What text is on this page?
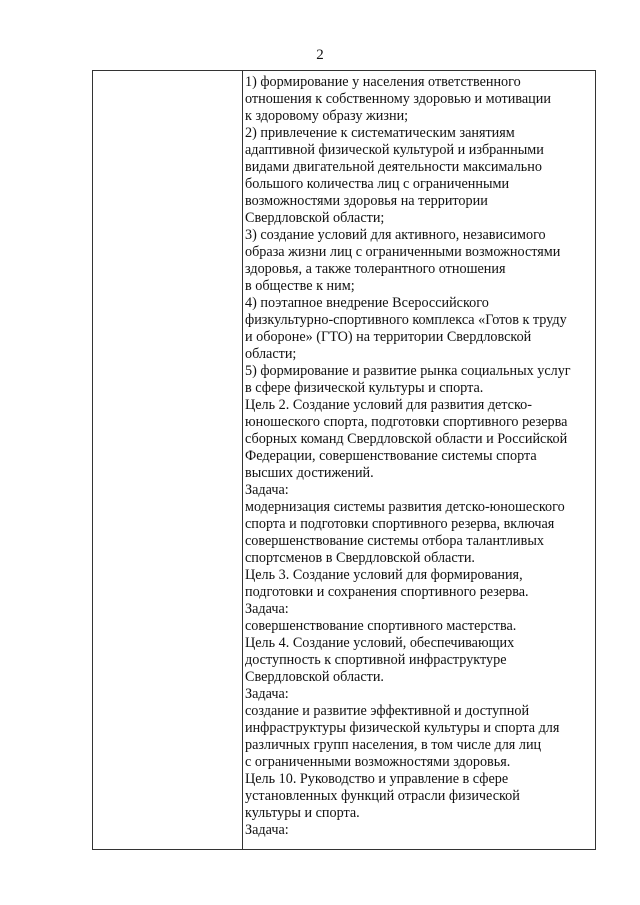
2
1) формирование у населения ответственного
отношения к собственному здоровью и мотивации
к здоровому образу жизни;
2) привлечение к систематическим занятиям
адаптивной физической культурой и избранными
видами двигательной деятельности максимально
большого количества лиц с ограниченными
возможностями здоровья на территории
Свердловской области;
3) создание условий для активного, независимого
образа жизни лиц с ограниченными возможностями
здоровья, а также толерантного отношения
в обществе к ним;
4) поэтапное внедрение Всероссийского
физкультурно-спортивного комплекса «Готов к труду
и обороне» (ГТО) на территории Свердловской
области;
5) формирование и развитие рынка социальных услуг
в сфере физической культуры и спорта.
Цель 2. Создание условий для развития детско-
юношеского спорта, подготовки спортивного резерва
сборных команд Свердловской области и Российской
Федерации, совершенствование системы спорта
высших достижений.
Задача:
модернизация системы развития детско-юношеского
спорта и подготовки спортивного резерва, включая
совершенствование системы отбора талантливых
спортсменов в Свердловской области.
Цель 3. Создание условий для формирования,
подготовки и сохранения спортивного резерва.
Задача:
совершенствование спортивного мастерства.
Цель 4. Создание условий, обеспечивающих
доступность к спортивной инфраструктуре
Свердловской области.
Задача:
создание и развитие эффективной и доступной
инфраструктуры физической культуры и спорта для
различных групп населения, в том числе для лиц
с ограниченными возможностями здоровья.
Цель 10. Руководство и управление в сфере
установленных функций отрасли физической
культуры и спорта.
Задача:
